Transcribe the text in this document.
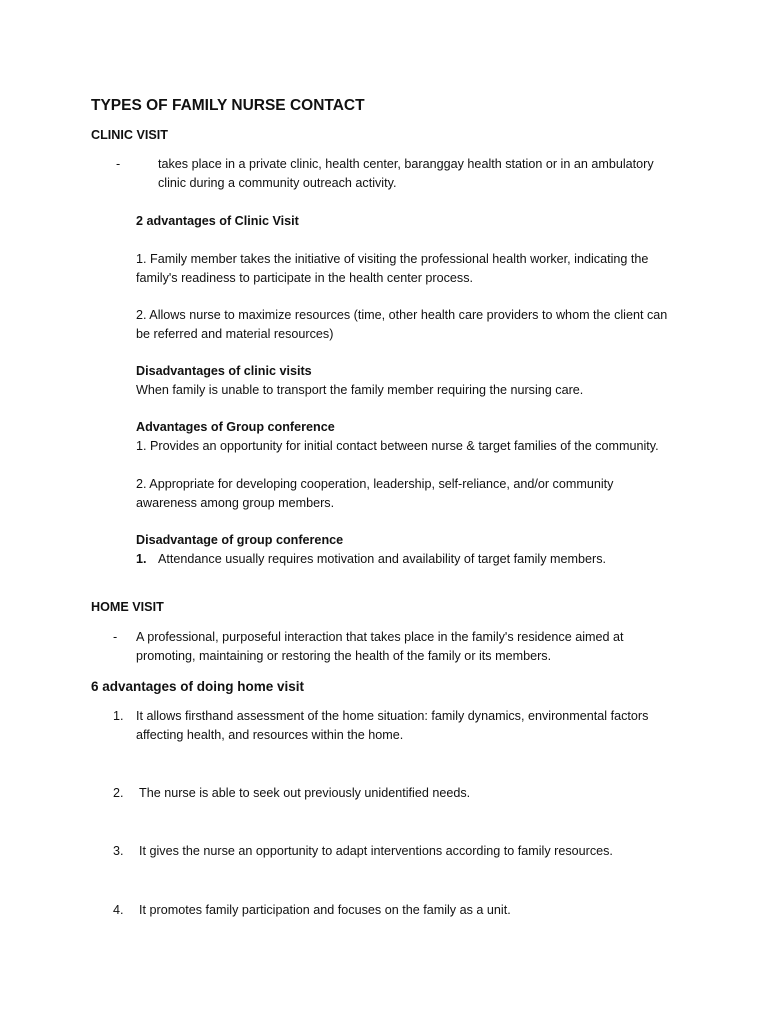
TYPES OF FAMILY NURSE CONTACT

CLINIC VISIT

-	takes place in a private clinic, health center, baranggay health station or in an ambulatory clinic during a community outreach activity.

2 advantages of Clinic Visit

1. Family member takes the initiative of visiting the professional health worker, indicating the family's readiness to participate in the health center process.

2. Allows nurse to maximize resources (time, other health care providers to whom the client can be referred and material resources)

Disadvantages of clinic visits

When family is unable to transport the family member requiring the nursing care.

Advantages of Group conference

1. Provides an opportunity for initial contact between nurse & target families of the community.

2. Appropriate for developing cooperation, leadership, self-reliance, and/or community awareness among group members.

Disadvantage of group conference

1. Attendance usually requires motivation and availability of target family members.

HOME VISIT

- A professional, purposeful interaction that takes place in the family's residence aimed at promoting, maintaining or restoring the health of the family or its members.

6 advantages of doing home visit

1. It allows firsthand assessment of the home situation: family dynamics, environmental factors affecting health, and resources within the home.

2. The nurse is able to seek out previously unidentified needs.

3. It gives the nurse an opportunity to adapt interventions according to family resources.

4. It promotes family participation and focuses on the family as a unit.
